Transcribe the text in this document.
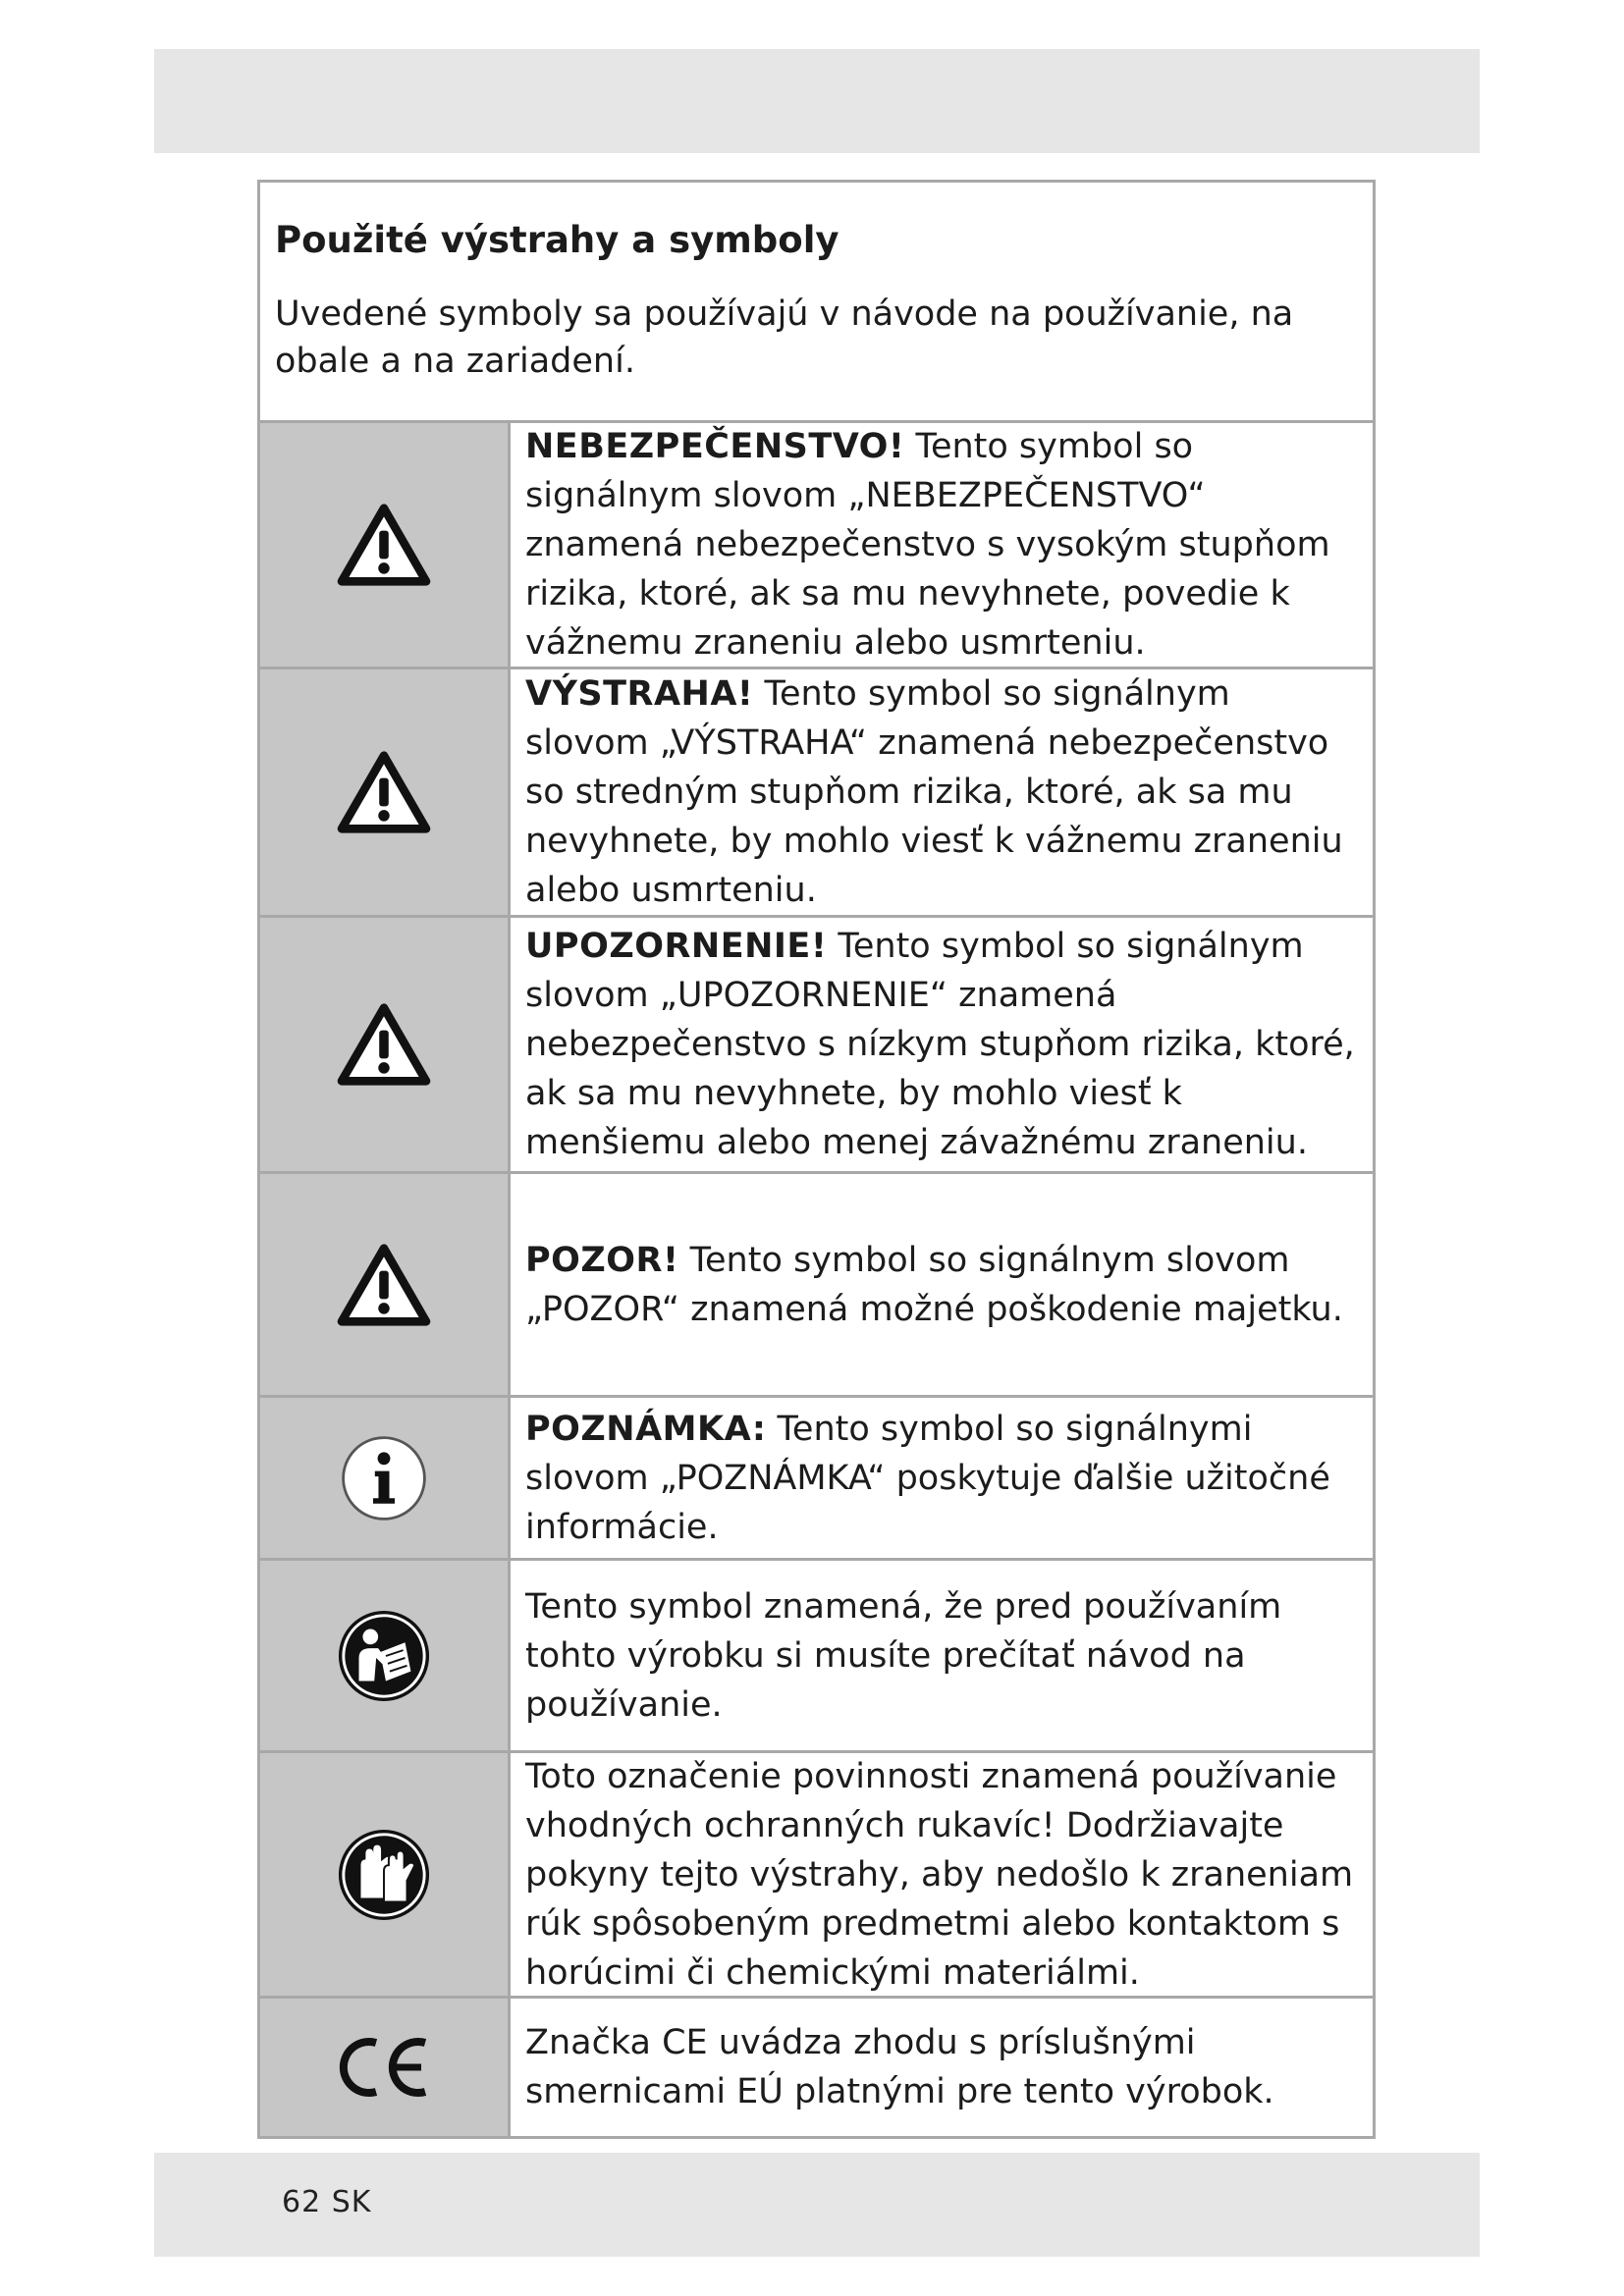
Použité výstrahy a symboly

Uvedené symboly sa používajú v návode na používanie, na obale a na zariadení.

NEBEZPEČENSTVO! Tento symbol so signálnym slovom „NEBEZPEČENSTVO“ znamená nebezpečenstvo s vysokým stupňom rizika, ktoré, ak sa mu nevyhnete, povedie k vážnemu zraneniu alebo usmrteniu.

VÝSTRAHA! Tento symbol so signálnym slovom „VÝSTRAHA“ znamená nebezpečenstvo so stredným stupňom rizika, ktoré, ak sa mu nevyhnete, by mohlo viesť k vážnemu zraneniu alebo usmrteniu.

UPOZORNENIE! Tento symbol so signálnym slovom „UPOZORNENIE“ znamená nebezpečenstvo s nízkym stupňom rizika, ktoré, ak sa mu nevyhnete, by mohlo viesť k menšiemu alebo menej závažnému zraneniu.

POZOR! Tento symbol so signálnym slovom „POZOR“ znamená možné poškodenie majetku.

POZNÁMKA: Tento symbol so signálnymi slovom „POZNÁMKA“ poskytuje ďalšie užitočné informácie.

Tento symbol znamená, že pred používaním tohto výrobku si musíte prečítať návod na používanie.

Toto označenie povinnosti znamená používanie vhodných ochranných rukavíc! Dodržiavajte pokyny tejto výstrahy, aby nedošlo k zraneniam rúk spôsobeným predmetmi alebo kontaktom s horúcimi či chemickými materiálmi.

Značka CE uvádza zhodu s príslušnými smernicami EÚ platnými pre tento výrobok.

62 SK
